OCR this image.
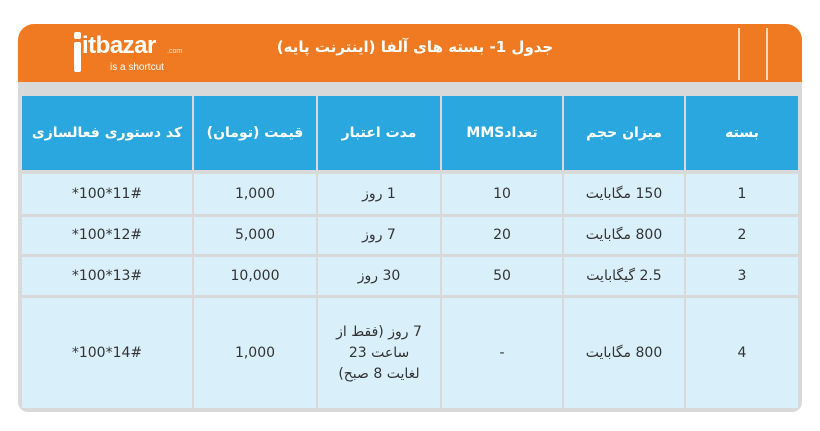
itbazar .com
is a shortcut
جدول 1- بسته های آلفا (اینترنت پایه)
بسته
میزان حجم
تعدادMMS
مدت اعتبار
قیمت (تومان)
کد دستوری فعالسازی
1
150 مگابایت
10
1 روز
1,000
*100*11#
2
800 مگابایت
20
7 روز
5,000
*100*12#
3
2.5 گیگابایت
50
30 روز
10,000
*100*13#
4
800 مگابایت
-
7 روز (فقط از ساعت 23 لغایت 8 صبح)
1,000
*100*14#
